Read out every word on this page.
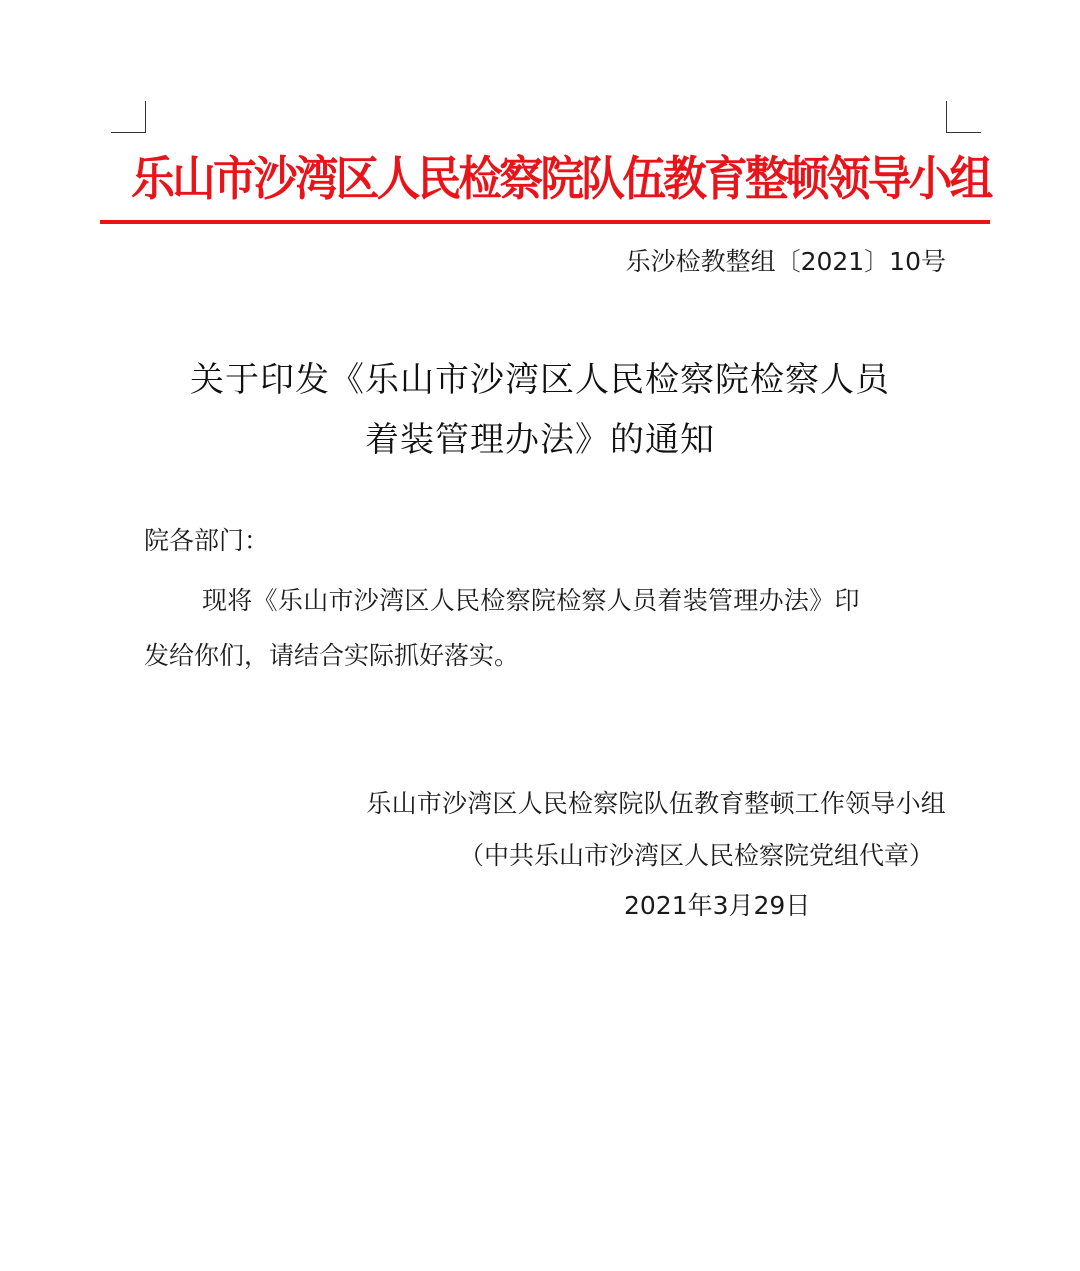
乐山市沙湾区人民检察院队伍教育整顿领导小组
乐沙检教整组〔2021〕10号
关于印发《乐山市沙湾区人民检察院检察人员
着装管理办法》的通知
院各部门：
现将《乐山市沙湾区人民检察院检察人员着装管理办法》印
发给你们，请结合实际抓好落实。
乐山市沙湾区人民检察院队伍教育整顿工作领导小组
（中共乐山市沙湾区人民检察院党组代章）
2021年3月29日
